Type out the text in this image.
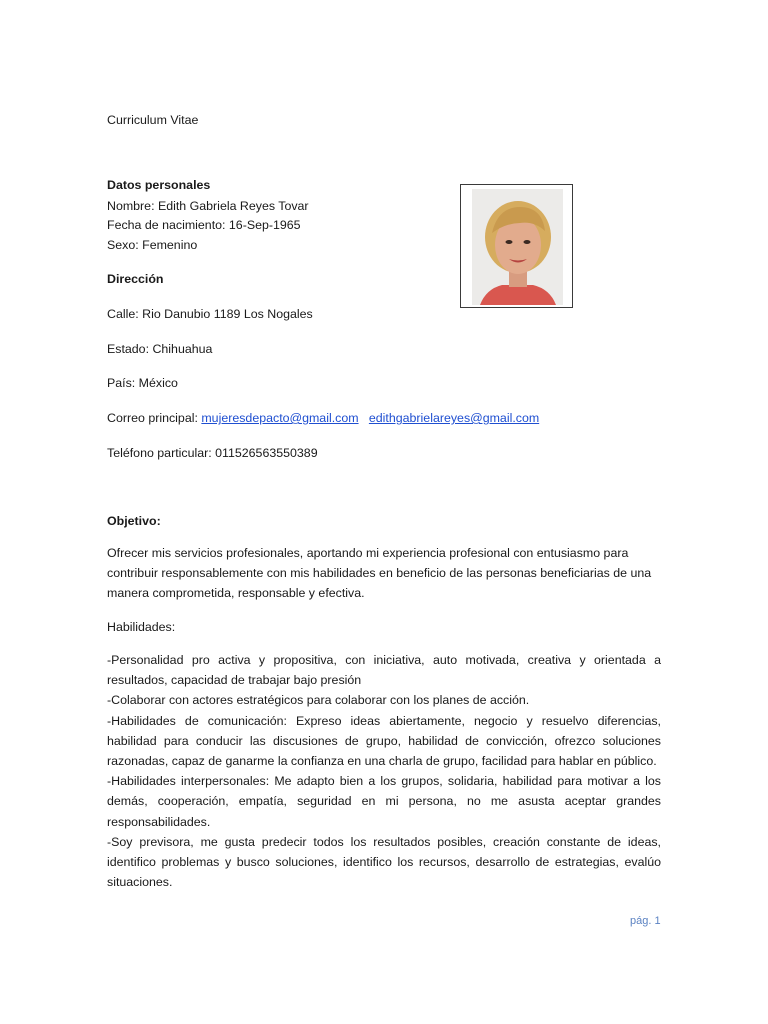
Curriculum Vitae
Datos personales
Nombre: Edith Gabriela Reyes Tovar
Fecha de nacimiento: 16-Sep-1965
Sexo: Femenino
Dirección
Calle: Rio Danubio 1189 Los Nogales
Estado: Chihuahua
País: México
Correo principal: mujeresdepacto@gmail.com edithgabrielareyes@gmail.com
Teléfono particular: 011526563550389
Objetivo:
Ofrecer mis servicios profesionales, aportando mi experiencia profesional con entusiasmo para contribuir responsablemente con mis habilidades en beneficio de las personas beneficiarias de una manera comprometida, responsable y efectiva.
Habilidades:
-Personalidad pro activa y propositiva, con iniciativa, auto motivada, creativa y orientada a resultados, capacidad de trabajar bajo presión
-Colaborar con actores estratégicos para colaborar con los planes de acción.
-Habilidades de comunicación: Expreso ideas abiertamente, negocio y resuelvo diferencias, habilidad para conducir las discusiones de grupo, habilidad de convicción, ofrezco soluciones razonadas, capaz de ganarme la confianza en una charla de grupo, facilidad para hablar en público.
-Habilidades interpersonales: Me adapto bien a los grupos, solidaria, habilidad para motivar a los demás, cooperación, empatía, seguridad en mi persona, no me asusta aceptar grandes responsabilidades.
-Soy previsora, me gusta predecir todos los resultados posibles, creación constante de ideas, identifico problemas y busco soluciones, identifico los recursos, desarrollo de estrategias, evalúo situaciones.
pág. 1
